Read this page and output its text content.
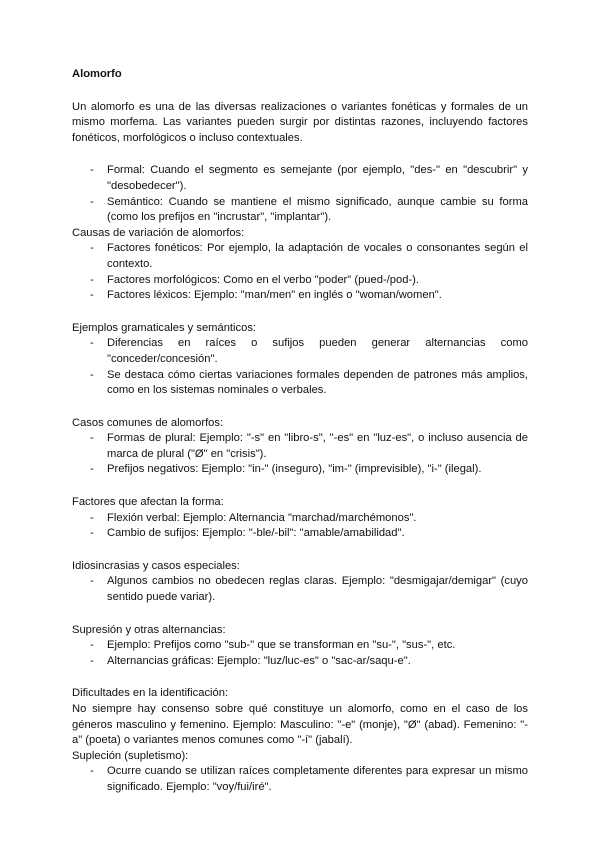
Alomorfo

Un alomorfo es una de las diversas realizaciones o variantes fonéticas y formales de un mismo morfema. Las variantes pueden surgir por distintas razones, incluyendo factores fonéticos, morfológicos o incluso contextuales.

- Formal: Cuando el segmento es semejante (por ejemplo, "des-" en "descubrir" y "desobedecer").
- Semántico: Cuando se mantiene el mismo significado, aunque cambie su forma (como los prefijos en "incrustar", "implantar").

Causas de variación de alomorfos:

- Factores fonéticos: Por ejemplo, la adaptación de vocales o consonantes según el contexto.
- Factores morfológicos: Como en el verbo "poder" (pued-/pod-).
- Factores léxicos: Ejemplo: "man/men" en inglés o "woman/women".

Ejemplos gramaticales y semánticos:

- Diferencias en raíces o sufijos pueden generar alternancias como "conceder/concesión".
- Se destaca cómo ciertas variaciones formales dependen de patrones más amplios, como en los sistemas nominales o verbales.

Casos comunes de alomorfos:

- Formas de plural: Ejemplo: "-s" en "libro-s", "-es" en "luz-es", o incluso ausencia de marca de plural ("Ø" en "crisis").
- Prefijos negativos: Ejemplo: "in-" (inseguro), "im-" (imprevisible), "i-" (ilegal).

Factores que afectan la forma:

- Flexión verbal: Ejemplo: Alternancia "marchad/marchémonos".
- Cambio de sufijos: Ejemplo: "-ble/-bil": "amable/amabilidad".

Idiosincrasias y casos especiales:

- Algunos cambios no obedecen reglas claras. Ejemplo: "desmigajar/demigar" (cuyo sentido puede variar).

Supresión y otras alternancias:

- Ejemplo: Prefijos como "sub-" que se transforman en "su-", "sus-", etc.
- Alternancias gráficas: Ejemplo: "luz/luc-es" o "sac-ar/saqu-e".

Dificultades en la identificación:

No siempre hay consenso sobre qué constituye un alomorfo, como en el caso de los géneros masculino y femenino. Ejemplo: Masculino: "-e" (monje), "Ø" (abad). Femenino: "-a" (poeta) o variantes menos comunes como "-í" (jabalí).

Supleción (supletismo):

- Ocurre cuando se utilizan raíces completamente diferentes para expresar un mismo significado. Ejemplo: "voy/fui/iré".
